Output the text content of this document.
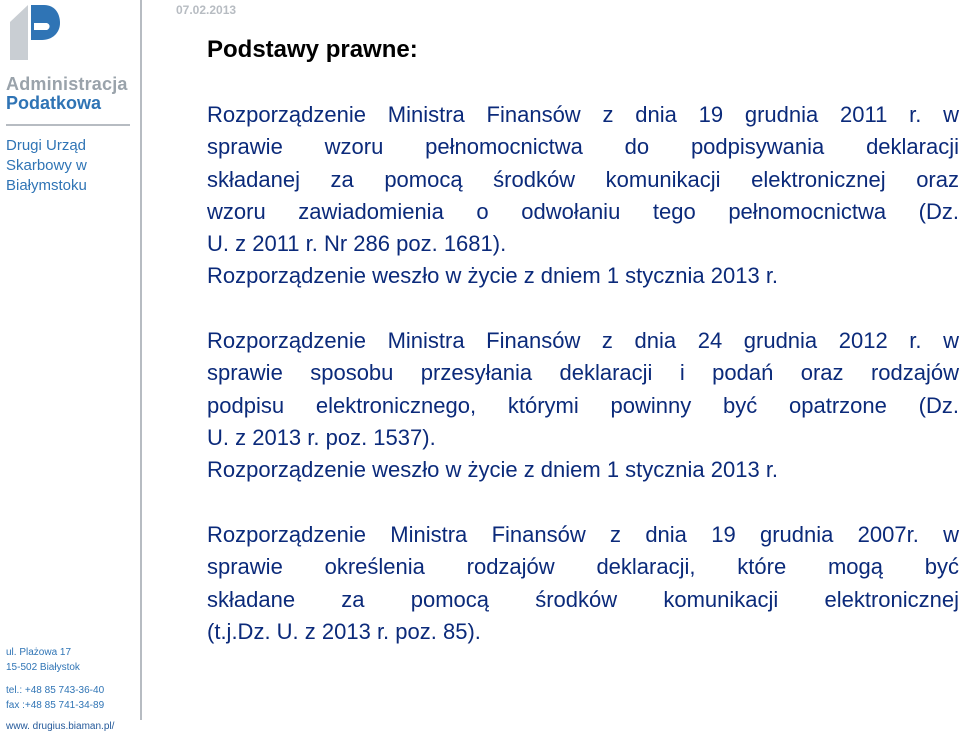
Administracja
Podatkowa
Drugi Urząd
Skarbowy w
Białymstoku
ul. Plażowa 17
15-502 Białystok
tel.: +48 85 743-36-40
fax :+48 85 741-34-89
www. drugius.biaman.pl/
07.02.2013
Podstawy prawne:
Rozporządzenie Ministra Finansów z dnia 19 grudnia 2011 r. w
sprawie wzoru pełnomocnictwa do podpisywania deklaracji
składanej za pomocą środków komunikacji elektronicznej oraz
wzoru zawiadomienia o odwołaniu tego pełnomocnictwa (Dz.
U. z 2011 r. Nr 286 poz. 1681).
Rozporządzenie weszło w życie z dniem 1 stycznia 2013 r.
Rozporządzenie Ministra Finansów z dnia 24 grudnia 2012 r. w
sprawie sposobu przesyłania deklaracji i podań oraz rodzajów
podpisu elektronicznego, którymi powinny być opatrzone (Dz.
U. z 2013 r. poz. 1537).
Rozporządzenie weszło w życie z dniem 1 stycznia 2013 r.
Rozporządzenie Ministra Finansów z dnia 19 grudnia 2007r. w
sprawie określenia rodzajów deklaracji, które mogą być
składane za pomocą środków komunikacji elektronicznej
(t.j.Dz. U. z 2013 r. poz. 85).
